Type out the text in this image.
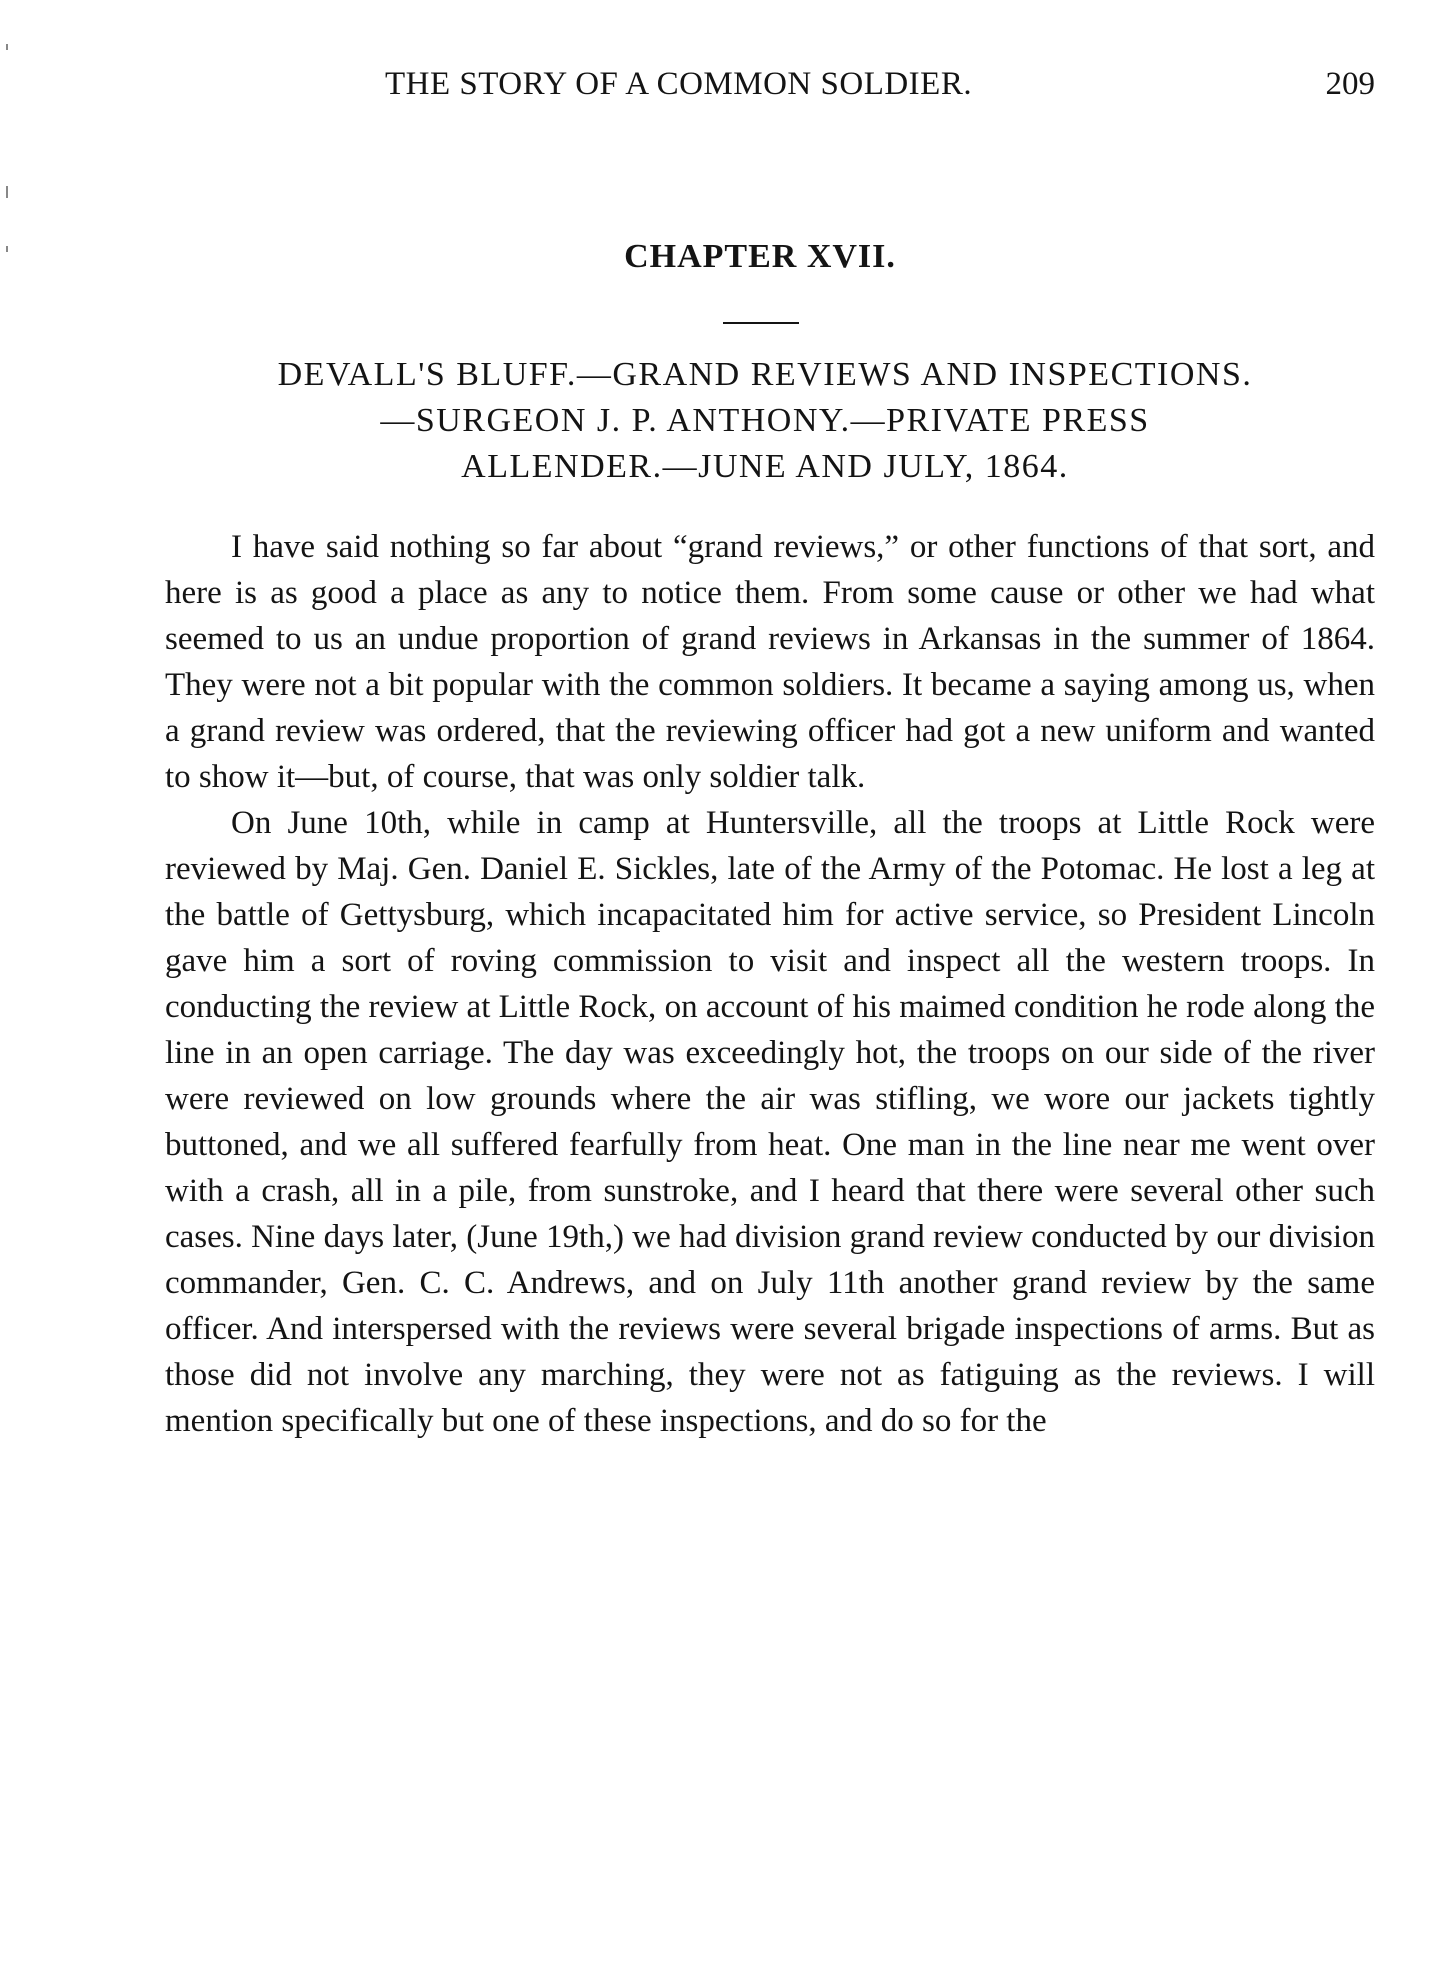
THE STORY OF A COMMON SOLDIER.	209
CHAPTER XVII.
DEVALL'S BLUFF.—GRAND REVIEWS AND INSPECTIONS.
—SURGEON J. P. ANTHONY.—PRIVATE PRESS
ALLENDER.—JUNE AND JULY, 1864.

I have said nothing so far about “grand reviews,” or other functions of that sort, and here is as good a place as any to notice them. From some cause or other we had what seemed to us an undue proportion of grand reviews in Arkansas in the summer of 1864. They were not a bit popular with the common soldiers. It became a saying among us, when a grand review was ordered, that the reviewing officer had got a new uniform and wanted to show it—but, of course, that was only soldier talk.

On June 10th, while in camp at Huntersville, all the troops at Little Rock were reviewed by Maj. Gen. Daniel E. Sickles, late of the Army of the Potomac. He lost a leg at the battle of Gettysburg, which incapacitated him for active service, so President Lincoln gave him a sort of roving commission to visit and inspect all the western troops. In conducting the review at Little Rock, on account of his maimed condition he rode along the line in an open carriage. The day was exceedingly hot, the troops on our side of the river were reviewed on low grounds where the air was stifling, we wore our jackets tightly buttoned, and we all suffered fearfully from heat. One man in the line near me went over with a crash, all in a pile, from sunstroke, and I heard that there were several other such cases. Nine days later, (June 19th,) we had division grand review conducted by our division commander, Gen. C. C. Andrews, and on July 11th another grand review by the same officer. And interspersed with the reviews were several brigade inspections of arms. But as those did not involve any marching, they were not as fatiguing as the reviews. I will mention specifically but one of these inspections, and do so for the
